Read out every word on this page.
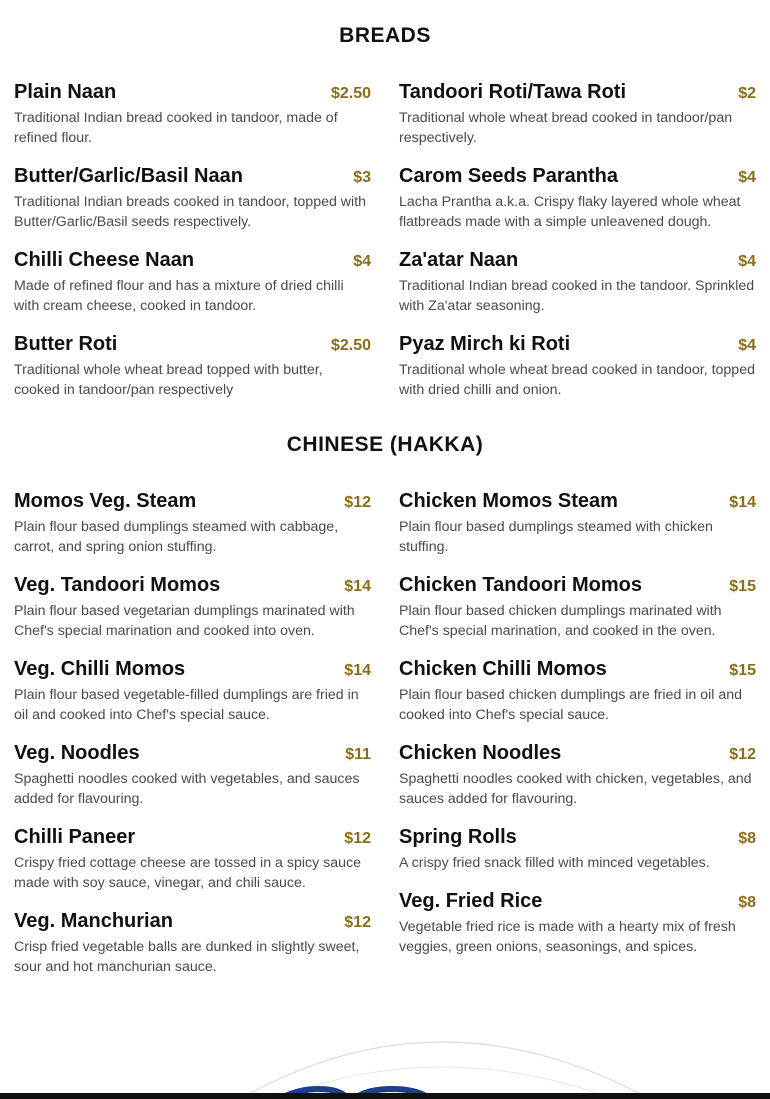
BREADS
Plain Naan	$2.50
Traditional Indian bread cooked in tandoor, made of refined flour.
Butter/Garlic/Basil Naan	$3
Traditional Indian breads cooked in tandoor, topped with Butter/Garlic/Basil seeds respectively.
Chilli Cheese Naan	$4
Made of refined flour and has a mixture of dried chilli with cream cheese, cooked in tandoor.
Butter Roti	$2.50
Traditional whole wheat bread topped with butter, cooked in tandoor/pan respectively
Tandoori Roti/Tawa Roti	$2
Traditional whole wheat bread cooked in tandoor/pan respectively.
Carom Seeds Parantha	$4
Lacha Prantha a.k.a. Crispy flaky layered whole wheat flatbreads made with a simple unleavened dough.
Za'atar Naan	$4
Traditional Indian bread cooked in the tandoor. Sprinkled with Za'atar seasoning.
Pyaz Mirch ki Roti	$4
Traditional whole wheat bread cooked in tandoor, topped with dried chilli and onion.
CHINESE (HAKKA)
Momos Veg. Steam	$12
Plain flour based dumplings steamed with cabbage, carrot, and spring onion stuffing.
Veg. Tandoori Momos	$14
Plain flour based vegetarian dumplings marinated with Chef's special marination and cooked into oven.
Veg. Chilli Momos	$14
Plain flour based vegetable-filled dumplings are fried in oil and cooked into Chef's special sauce.
Veg. Noodles	$11
Spaghetti noodles cooked with vegetables, and sauces added for flavouring.
Chilli Paneer	$12
Crispy fried cottage cheese are tossed in a spicy sauce made with soy sauce, vinegar, and chili sauce.
Veg. Manchurian	$12
Crisp fried vegetable balls are dunked in slightly sweet, sour and hot manchurian sauce.
Chicken Momos Steam	$14
Plain flour based dumplings steamed with chicken stuffing.
Chicken Tandoori Momos	$15
Plain flour based chicken dumplings marinated with Chef's special marination, and cooked in the oven.
Chicken Chilli Momos	$15
Plain flour based chicken dumplings are fried in oil and cooked into Chef's special sauce.
Chicken Noodles	$12
Spaghetti noodles cooked with chicken, vegetables, and sauces added for flavouring.
Spring Rolls	$8
A crispy fried snack filled with minced vegetables.
Veg. Fried Rice	$8
Vegetable fried rice is made with a hearty mix of fresh veggies, green onions, seasonings, and spices.
